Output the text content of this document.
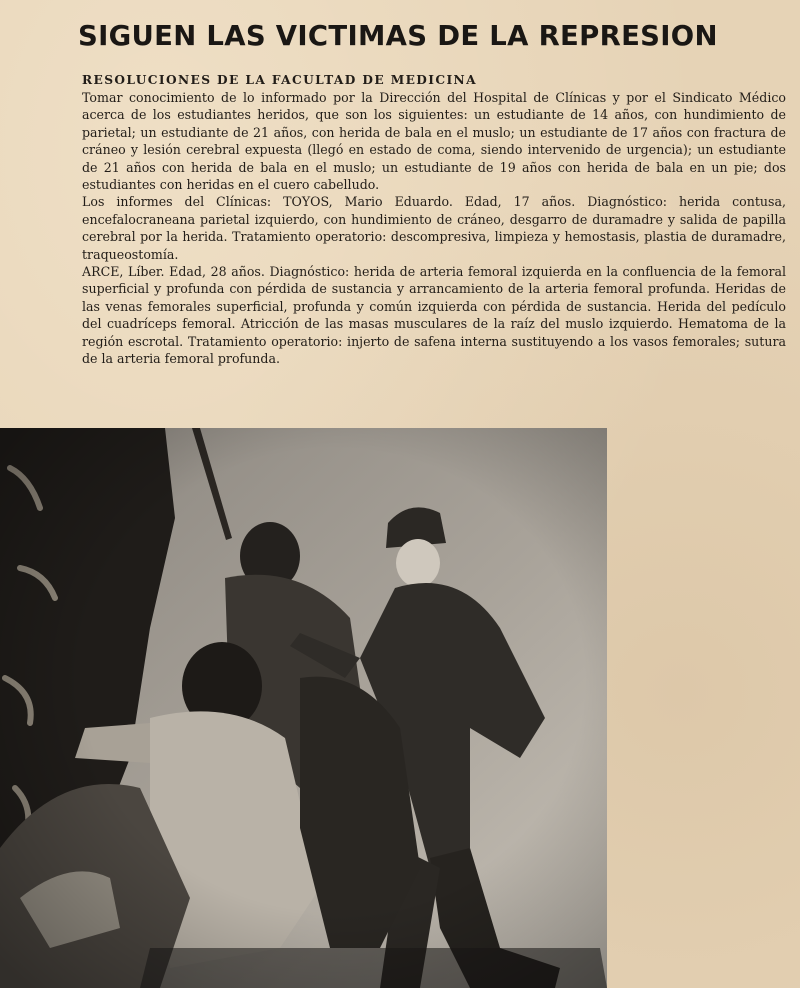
SIGUEN LAS VICTIMAS DE LA REPRESION

RESOLUCIONES DE LA FACULTAD DE MEDICINA

Tomar conocimiento de lo informado por la Dirección del Hospital de Clínicas y por el Sindicato Médico acerca de los estudiantes heridos, que son los siguientes: un estudiante de 14 años, con hundimiento de parietal; un estudiante de 21 años, con herida de bala en el muslo; un estudiante de 17 años con fractura de cráneo y lesión cerebral expuesta (llegó en estado de coma, siendo intervenido de urgencia); un estudiante de 21 años con herida de bala en el muslo; un estudiante de 19 años con herida de bala en un pie; dos estudiantes con heridas en el cuero cabelludo.

Los informes del Clínicas: TOYOS, Mario Eduardo. Edad, 17 años. Diagnóstico: herida contusa, encefalocraneana parietal izquierdo, con hundimiento de cráneo, desgarro de duramadre y salida de papilla cerebral por la herida. Tratamiento operatorio: descompresiva, limpieza y hemostasis, plastia de duramadre, traqueostomía.

ARCE, Líber. Edad, 28 años. Diagnóstico: herida de arteria femoral izquierda en la confluencia de la femoral superficial y profunda con pérdida de sustancia y arrancamiento de la arteria femoral profunda. Heridas de las venas femorales superficial, profunda y común izquierda con pérdida de sustancia. Herida del pedículo del cuadríceps femoral. Atricción de las masas musculares de la raíz del muslo izquierdo. Hematoma de la región escrotal. Tratamiento operatorio: injerto de safena interna sustituyendo a los vasos femorales; sutura de la arteria femoral profunda.
